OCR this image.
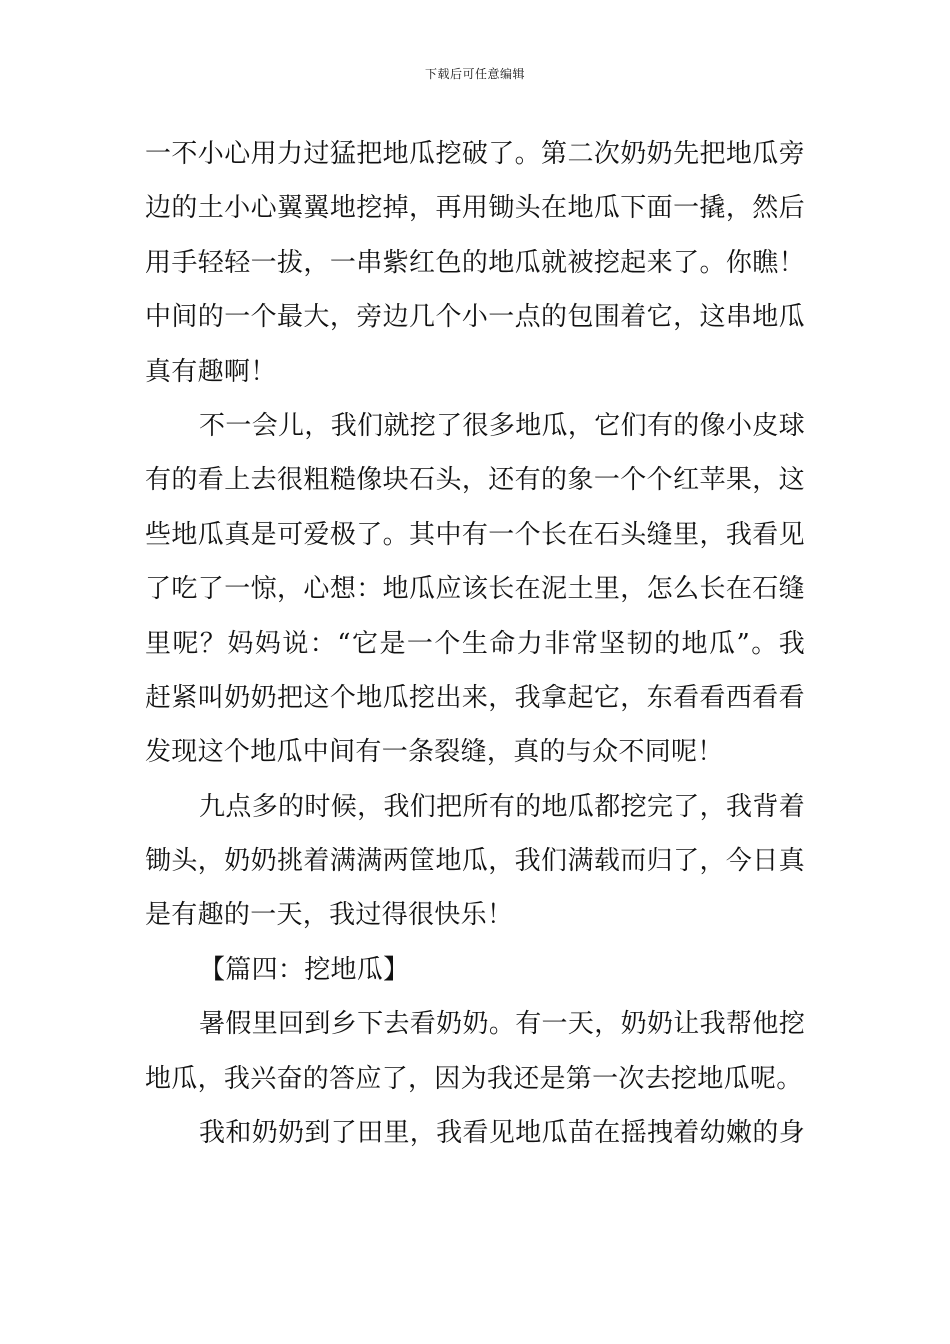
下载后可任意编辑
一不小心用力过猛把地瓜挖破了。第二次奶奶先把地瓜旁
边的土小心翼翼地挖掉，再用锄头在地瓜下面一撬，然后
用手轻轻一拔，一串紫红色的地瓜就被挖起来了。你瞧！
中间的一个最大，旁边几个小一点的包围着它，这串地瓜
真有趣啊！
不一会儿，我们就挖了很多地瓜，它们有的像小皮球
有的看上去很粗糙像块石头，还有的象一个个红苹果，这
些地瓜真是可爱极了。其中有一个长在石头缝里，我看见
了吃了一惊，心想：地瓜应该长在泥土里，怎么长在石缝
里呢？妈妈说：“它是一个生命力非常坚韧的地瓜”。我
赶紧叫奶奶把这个地瓜挖出来，我拿起它，东看看西看看
发现这个地瓜中间有一条裂缝，真的与众不同呢！
九点多的时候，我们把所有的地瓜都挖完了，我背着
锄头，奶奶挑着满满两筐地瓜，我们满载而归了，今日真
是有趣的一天，我过得很快乐！
【篇四：挖地瓜】
暑假里回到乡下去看奶奶。有一天，奶奶让我帮他挖
地瓜，我兴奋的答应了，因为我还是第一次去挖地瓜呢。
我和奶奶到了田里，我看见地瓜苗在摇拽着幼嫩的身
